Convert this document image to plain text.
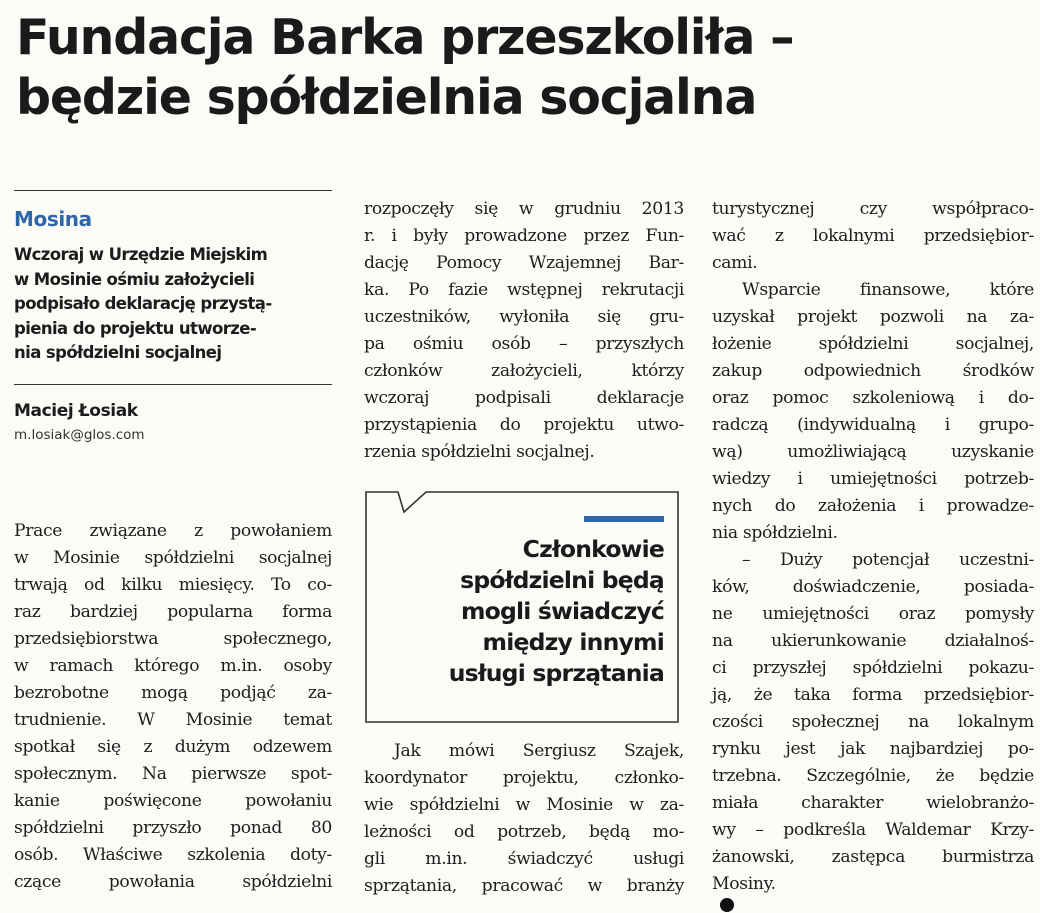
Fundacja Barka przeszkoliła –
będzie spółdzielnia socjalna
Mosina
Wczoraj w Urzędzie Miejskim
w Mosinie ośmiu założycieli
podpisało deklarację przystą-
pienia do projektu utworze-
nia spółdzielni socjalnej
Maciej Łosiak
m.losiak@glos.com
Prace związane z powołaniem
w Mosinie spółdzielni socjalnej
trwają od kilku miesięcy. To co-
raz bardziej popularna forma
przedsiębiorstwa społecznego,
w ramach którego m.in. osoby
bezrobotne mogą podjąć za-
trudnienie. W Mosinie temat
spotkał się z dużym odzewem
społecznym. Na pierwsze spot-
kanie poświęcone powołaniu
spółdzielni przyszło ponad 80
osób. Właściwe szkolenia doty-
czące powołania spółdzielni
rozpoczęły się w grudniu 2013
r. i były prowadzone przez Fun-
dację Pomocy Wzajemnej Bar-
ka. Po fazie wstępnej rekrutacji
uczestników, wyłoniła się gru-
pa ośmiu osób – przyszłych
członków założycieli, którzy
wczoraj podpisali deklaracje
przystąpienia do projektu utwo-
rzenia spółdzielni socjalnej.
Członkowie
spółdzielni będą
mogli świadczyć
między innymi
usługi sprzątania
Jak mówi Sergiusz Szajek,
koordynator projektu, członko-
wie spółdzielni w Mosinie w za-
leżności od potrzeb, będą mo-
gli m.in. świadczyć usługi
sprzątania, pracować w branży
turystycznej czy współpraco-
wać z lokalnymi przedsiębior-
cami.
Wsparcie finansowe, które
uzyskał projekt pozwoli na za-
łożenie spółdzielni socjalnej,
zakup odpowiednich środków
oraz pomoc szkoleniową i do-
radczą (indywidualną i grupo-
wą) umożliwiającą uzyskanie
wiedzy i umiejętności potrzeb-
nych do założenia i prowadze-
nia spółdzielni.
– Duży potencjał uczestni-
ków, doświadczenie, posiada-
ne umiejętności oraz pomysły
na ukierunkowanie działalnoś-
ci przyszłej spółdzielni pokazu-
ją, że taka forma przedsiębior-
czości społecznej na lokalnym
rynku jest jak najbardziej po-
trzebna. Szczególnie, że będzie
miała charakter wielobranżo-
wy – podkreśla Waldemar Krzy-
żanowski, zastępca burmistrza
Mosiny.
